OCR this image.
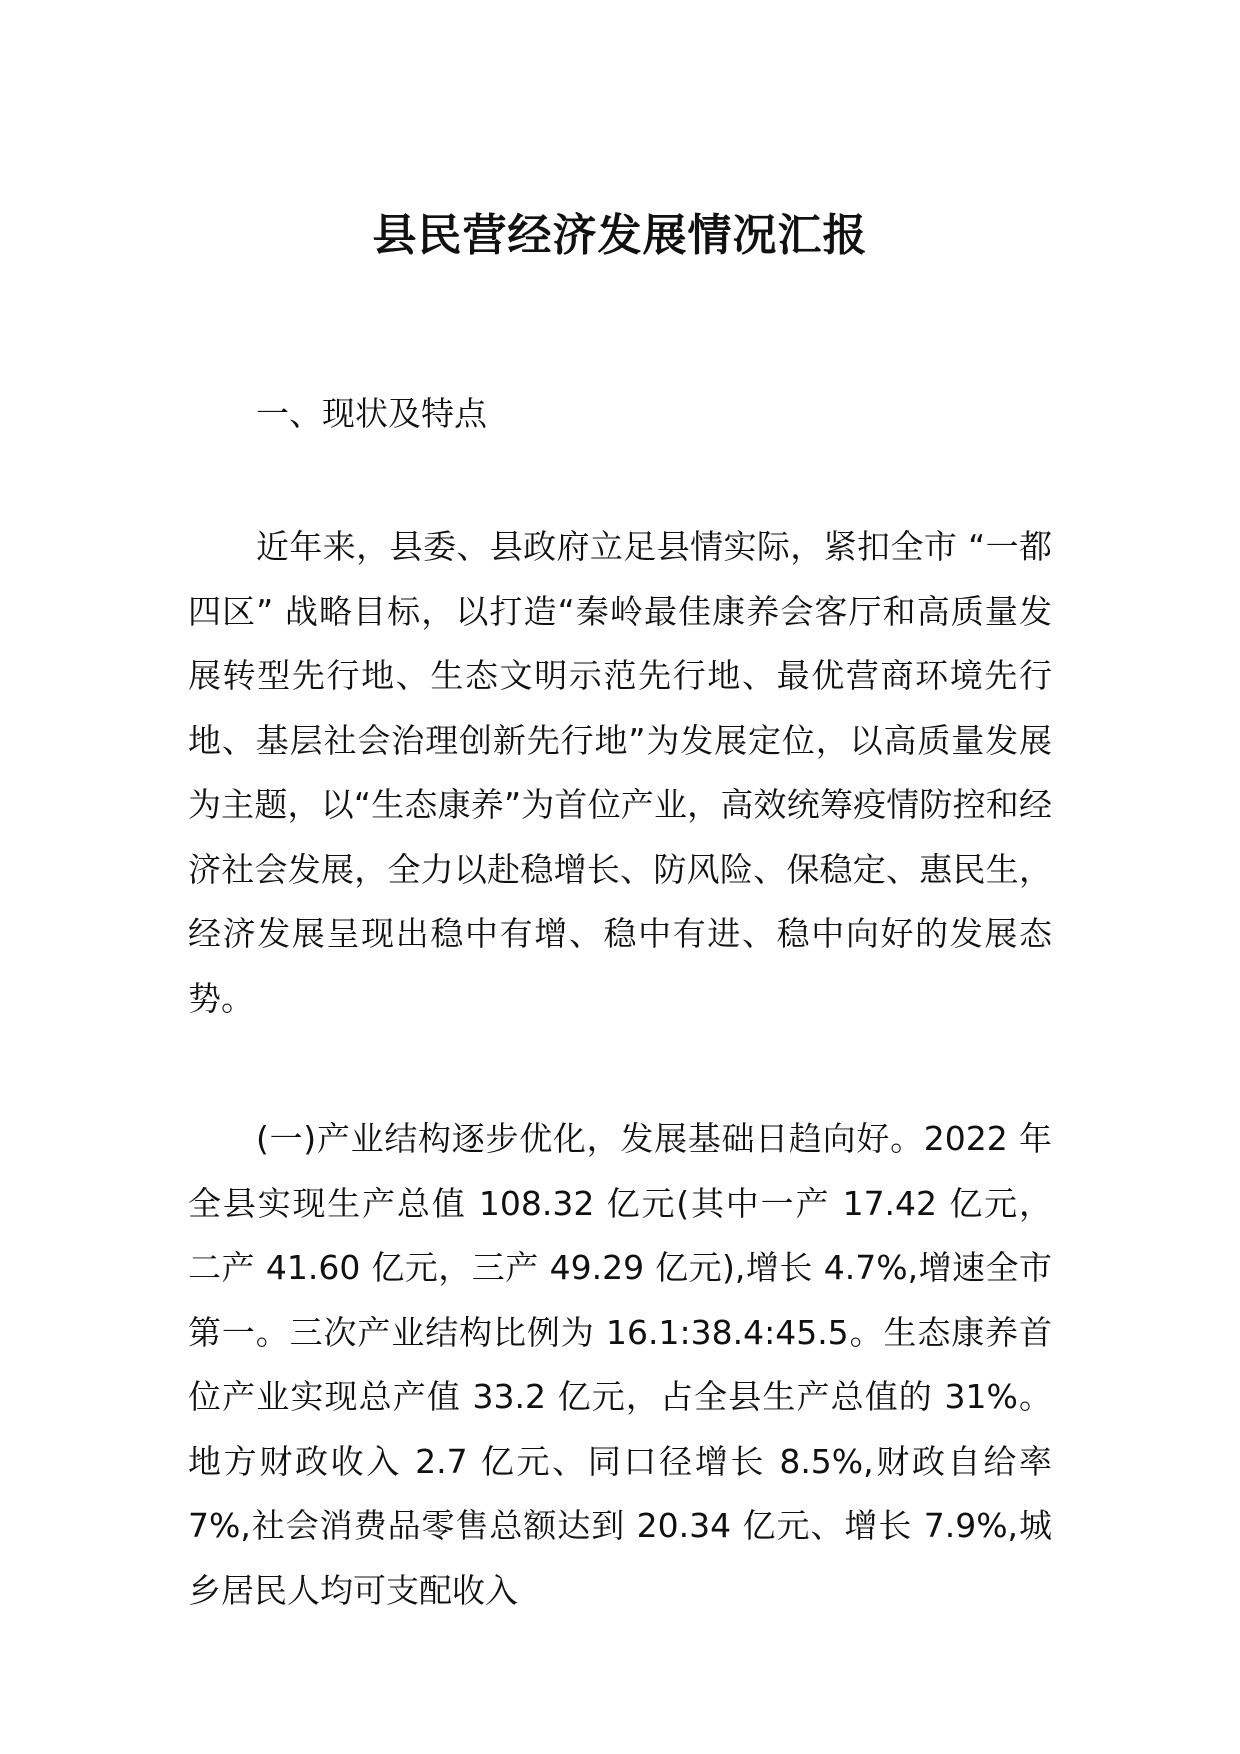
县民营经济发展情况汇报

一、现状及特点

近年来，县委、县政府立足县情实际，紧扣全市 “一都四区” 战略目标，以打造“秦岭最佳康养会客厅和高质量发展转型先行地、生态文明示范先行地、最优营商环境先行地、基层社会治理创新先行地”为发展定位，以高质量发展为主题，以“生态康养”为首位产业，高效统筹疫情防控和经济社会发展，全力以赴稳增长、防风险、保稳定、惠民生，经济发展呈现出稳中有增、稳中有进、稳中向好的发展态势。

(一)产业结构逐步优化，发展基础日趋向好。2022 年全县实现生产总值 108.32 亿元(其中一产 17.42 亿元， 二产 41.60 亿元，三产 49.29 亿元),增长 4.7%,增速全市第一。三次产业结构比例为 16.1:38.4:45.5。生态康养首位产业实现总产值 33.2 亿元，占全县生产总值的 31%。地方财政收入 2.7 亿元、同口径增长 8.5%,财政自给率 7%,社会消费品零售总额达到 20.34 亿元、增长 7.9%,城乡居民人均可支配收入
